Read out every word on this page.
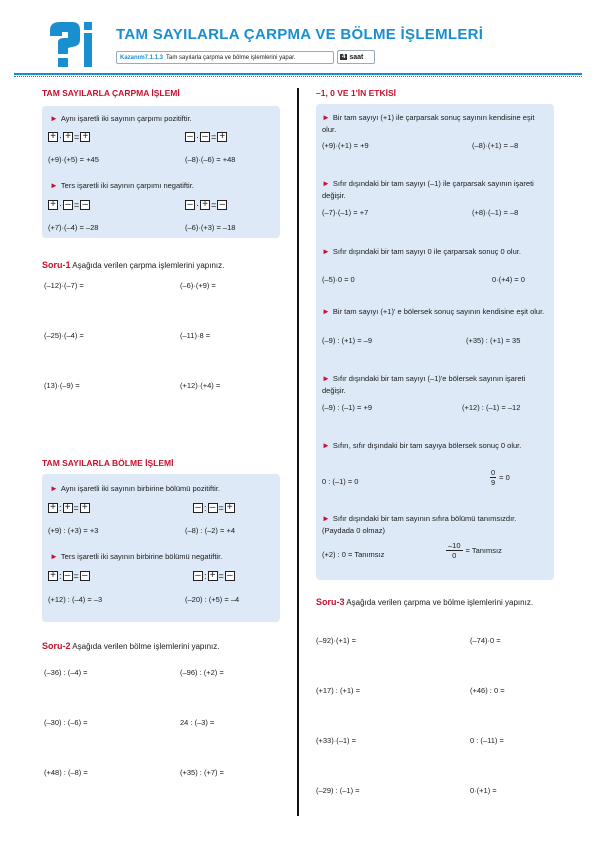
TAM SAYILARLA ÇARPMA VE BÖLME İŞLEMLERİ
Kazanım7.1.1.3 Tam sayılarla çarpma ve bölme işlemlerini yapar.	4 saat
TAM SAYILARLA ÇARPMA İŞLEMİ
► Aynı işaretli iki sayının çarpımı pozitiftir.
+ · + = +	– · – = +
(+9)·(+5) = +45	(–8)·(–6) = +48
► Ters işaretli iki sayının çarpımı negatiftir.
+ · – = –	– · + = –
(+7)·(–4) = –28	(–6)·(+3) = –18
Soru-1 Aşağıda verilen çarpma işlemlerini yapınız.
(–12)·(–7) =	(–6)·(+9) =
(–25)·(–4) =	(–11)·8 =
(13)·(–9) =	(+12)·(+4) =
TAM SAYILARLA BÖLME İŞLEMİ
► Aynı işaretli iki sayının birbirine bölümü pozitiftir.
+ : + = +	– : – = +
(+9) : (+3) = +3	(–8) : (–2) = +4
► Ters işaretli iki sayının birbirine bölümü negatiftir.
+ : – = –	– : + = –
(+12) : (–4) = –3	(–20) : (+5) = –4
Soru-2 Aşağıda verilen bölme işlemlerini yapınız.
(–36) : (–4) =	(–96) : (+2) =
(–30) : (–6) =	24 : (–3) =
(+48) : (–8) =	(+35) : (+7) =
–1, 0 VE 1'İN ETKİSİ
► Bir tam sayıyı (+1) ile çarparsak sonuç sayının kendisine eşit olur.
(+9)·(+1) = +9	(–8)·(+1) = –8
► Sıfır dışındaki bir tam sayıyı (–1) ile çarparsak sayının işareti değişir.
(–7)·(–1) = +7	(+8)·(–1) = –8
► Sıfır dışındaki bir tam sayıyı 0 ile çarparsak sonuç 0 olur.
(–5)·0 = 0	0·(+4) = 0
► Bir tam sayıyı (+1)' e bölersek sonuç sayının kendisine eşit olur.
(–9) : (+1) = –9	(+35) : (+1) = 35
► Sıfır dışındaki bir tam sayıyı (–1)'e bölersek sayının işareti değişir.
(–9) : (–1) = +9	(+12) : (–1) = –12
► Sıfırı, sıfır dışındaki bir tam sayıya bölersek sonuç 0 olur.
0 : (–1) = 0	$\frac{0}{9} = 0$
► Sıfır dışındaki bir tam sayının sıfıra bölümü tanımsızdır. (Paydada 0 olmaz)
(+2) : 0 = Tanımsız	$\frac{-10}{0}$ = Tanımsız
Soru-3 Aşağıda verilen çarpma ve bölme işlemlerini yapınız.
(–92)·(+1) =	(–74)·0 =
(+17) : (+1) =	(+46) : 0 =
(+33)·(–1) =	0 : (–11) =
(–29) : (–1) =	0·(+1) =
